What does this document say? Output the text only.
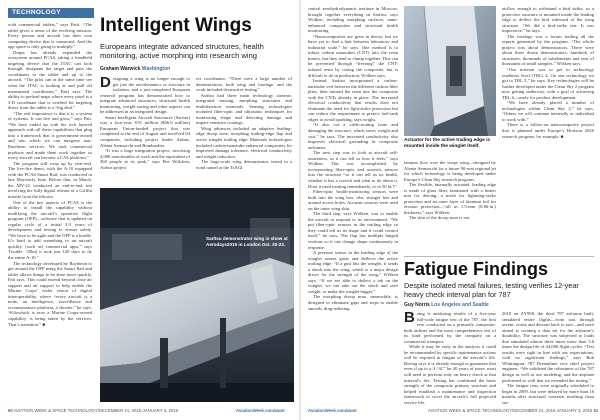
TECHNOLOGY

with commercial tablets,” says Patti. “The tablet gives a sense of the evolving mission. Every person and aircraft has their own computing device that is connected. And the app space is only going to multiply.”

Durpa has already expanded the ecosystem around PCAS, taking a handheld targeting device that the JTAC can look through, designate the target and pass the coordinates to the tablet and up to the aircraft. “The pilot can at the same time see what the JTAC is looking at and pull off mensurated coordinates,” Patti says. The ability to preload maps where every pixel is a 3-D coordinate that is verified for targeting direct from the tablet is a “big deal.”

“The real importance is that it is a system of systems. It can live and grow,” says Patt. “We have ended up with the rich layered approach with all these capabilities that plug into a framework that is government-owned and into which we can integrate non-Raytheon services. We took commercial products and made them work together so every aircraft can become a CAS platform.”

The program will wrap up by year-end. The live-fire demo, with the A-10 equipped with the PCAS Smart Rail, was conducted in late May/early June. Before that, in March, the MV-22 conducted an end-to-end test involving the fully digital release of a Griffin missile from the tiltrotor.

One of the key aspects of PCAS is the ability to install the capability without modifying the aircraft’s operative flight program (OFP)—software that is updated on regular cycle of a initial 2-3 years of development and testing to ensure safety. “We have to be agile and the OFP is a hurdle. It’s hard to add something to an aircraft quickly, [such as] commercial apps,” says Trouble. “[But] it took just 120 days to do the entire A-10.”

The technology developed by Raytheon to get around the OFP using the Smart Rail and tablet allows things to be done more quickly, Patt says. This could extend beyond close air support and air support to help enable the Marine Corps’ wider vision of digital interoperability, where “every aircraft is a node, an intelligence, surveillance and reconnaissance platform, a shooter,” he says. “Kilowhich is now a Marine Corps-owned capability, is being taken by the services. That’s transition.” ■

Intelligent Wings
Europeans integrate advanced structures, health monitoring, active morphing into research wing
Graham Warwick Washington

Designing a wing is no longer enough to get just the aerodynamics or structure in isolation, and a just-completed European research program has demonstrated how to integrate advanced structures, structural health monitoring, weight saving and other aspects can be addressed in an integrated design.

Smart Intelligent Aircraft Structures (Saristu) was a four-year, €51 million ($66.6 million) European Union-funded project that was completed at the end of August and involved 64 companies, including project leader Airbus, Alenia Aermacchi and Bombardier.

“It was a large integration project, involving 4,000 man-months of work and the equivalent of 360 people at its peak,” says Piet Wölcken, Airbus project

ect coordinator. “There were a large number of demonstrators, both wing and fuselage, and the work included destructive testing.”

Sarítsu had three main technology streams: integrated sensing, morphing structures and multifunction materials. Sensing technologies included fiber-optic and ultrasonic techniques for monitoring shape and detecting damage and impact-sensitive coatings.

Wing advances included an adaptive leading-edge droop nose, morphing trailing-edge flap and active winglet trailing edge. Materials technologies included carbon-nanotube-enhanced composites for improved damage tolerance, electrical conductivity and weight reduction.

The large-scale wing demonstrator, tested in a wind tunnel at the TsAGI

Sarítsu demonstrator wing is show at Aerodays2015 in London Oct. 20-23.
50 AVIATION WEEK & SPACE TECHNOLOGY/DECEMBER 21, 2015-JANUARY 3, 2016	AviationWeek.com/awst

central aerohydrodynamic institute in Moscow, brought together everything in Sarítsu, says Wölken, including morphing surfaces, nano-enhanced composites and structural health monitoring.

“Nanocomposites are great in theory, but we have yet to find a link between laboratory and industrial scale,” he says. One method is to infuse carbon nanotubes (CNT) into the resin matrix, but they tend to clump together. This can be prevented through “freezing” the CNT-infused resin by curing the composite, but is difficult to do in production, Wölken says.

Instead, Sarítsu incorporated a carbon-nanotube veil between the different carbon-fiber plies, then infused the resin into the composite with the CNTs already in place. The increased electrical conductivity that results does not eliminate the need for light-strike protection but can reduce the requirement to protect fuel-tank edges to avoid sparking, says wright.

“It also cut a cable-routing issue and damaging the structure, which saves weight and cost,” he says. The increased conductivity also improves electrical grounding in composite airframes.

The next step was to look at aircraft self-awareness, so it can tell us how it feels,” says Wölken. This was accomplished by incorporating fiber-optic and acoustic sensors into the structure “so it can tell us its health, whether it has a scratch and what to do about it. Does it need treating immediately, or in 50 hr.?”

Fiber-optic health-monitoring sensors were built into the wing box, ribs, stringer feet and around access holes. Acoustic sensors were used on the outer wing skin.

The third step, says Wölken, was to enable the aircraft to respond to its environment. “We put fiber-optic sensors in the trailing edge so they could tell us its shape and it could control itself,” he says. The flap has multiple hinged sections so it can change shape continuously in response.

A pressure sensor in the leading edge of the winglet senses gusts and deflects the active trailing edge. “If a gust hits the winglet, it sends a shock into the wing, which is a major design driver for the strength of the wing,” Wölken says. “If we are able to deflect a tab on the winglet, we can take out the shock and save weight, or make the winglet bigger.”

The morphing droop nose, meanwhile, is designed to eliminate gaps and steps to enable smooth, drag-reducing

Actuator for the active trailing edge is mounted inside the winglet itself.

laminar flow over the swept wing—designed by Alenia Aermacchi for a future 90-seat regional jet for which technology is being developed under Europe’s Clean Sky research program.

The flexible, internally actuated, leading edge is made of glass fiber, laminated with a heater mat for deicing, a mesh for lightning-strike protection and an outer layer of titanium foil for erosion protection—“all in 1.5-mm (0.06-in.) thickness,” says Wölken.

The skin of the droop nose is not

airflow enough to withstand a bird strike, so a protective structure is mounted inside the leading edge to deflect the bird sideward of the wing structure. “We did a bird-strike test. It was impressive,” he says.

The fuselage was a forum trailing all the reports generated by the program. “The whole project was about demonstrators. There were about three dozen demonstrators, hundreds of structures, thousands of subelements and tens of thousands of small samples,” Wölken says.

“Our mission was to get to technology readiness level (TRL) 4. On one technology we got to TRL 5,” he says. Key technologies will be further developed under the Clean Sky 2 program now getting underway, with a goal of achieving TRL 6—ready for product development.

“We have already placed a number of technologies within Clean Sky 2,” he says. “Others we will continue internally or individual to work with.”

There is a follow-on nanocomposite project that is planned under Europe’s Horizon 2020 research program, for example. ■

Fatigue Findings
Despite isolated metal failures, testing verifies 12-year heavy check interval plan for 787
Guy Norris Los Angeles and Seattle

Being is analyzing results of a five-year full-scale fatigue test of the 787, the first ever conducted on a primarily composite-built airliner and the most comprehensive test of its kind performed by the company on a commercial transport.

While it may be early in the analysis it could be recommended by specific maintenance actions will be required in fatigue of the aircraft’s life. Boeing says it is already enough to guarantee that even if up to a 4 “3C” be 20 years of more, most will need to perform only on heavy check at that interval’s life. Testing has confirmed the basic strength of the composite primary structure and helped establish a maintenance and inspection framework to cover the aircraft’s full projected service life.

2010 on ZY998, the third 787 airframe built, simulated entire flights—from taxi through ascent, cruise and descent back to taxi—and were aimed at creating a data set for the airframe’s durability. The structure was subjected to loads that simulated almost three times more than 3.6 times the design life of 44,000 flight cycles. “Test results were right in line with our expectations, with no significant findings,” says Bob Whittington, 787 Dreamliner vice chief project engineer. “We validated the robustness of the 787 design as well as our modeling, and the airplane performed so well that we extended the testing.”

The fatigue tests were originally scheduled to begin in 2009, but were delayed by more than 16 months after structural concerns resulting from sur-

AviationWeek.com/awst	AVIATION WEEK & SPACE TECHNOLOGY/DECEMBER 21, 2015-JANUARY 3, 2016 51
